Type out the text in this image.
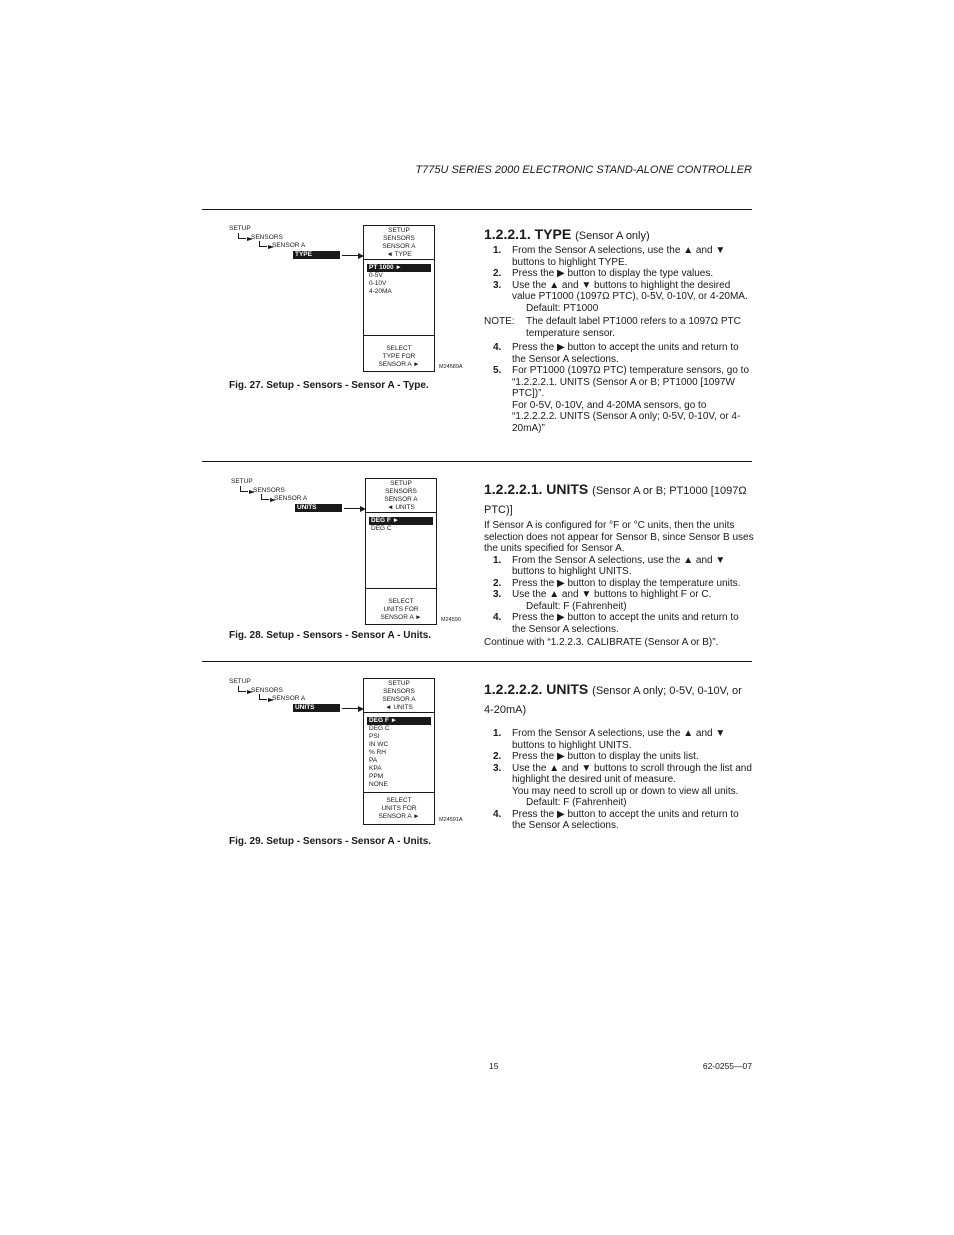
T775U SERIES 2000 ELECTRONIC STAND-ALONE CONTROLLER
SETUP
SENSORS
SENSOR A
TYPE
SETUP
SENSORS
SENSOR A
◄ TYPE
PT 1000 ►
0-5V
0-10V
4-20MA
SELECT
TYPE FOR
SENSOR A ►	M24589A
Fig. 27. Setup - Sensors - Sensor A - Type.
1.2.2.1. TYPE (Sensor A only)
1. From the Sensor A selections, use the ▲ and ▼ buttons to highlight TYPE.
2. Press the ▶ button to display the type values.
3. Use the ▲ and ▼ buttons to highlight the desired value PT1000 (1097Ω PTC), 0-5V, 0-10V, or 4-20MA.
Default: PT1000
NOTE: The default label PT1000 refers to a 1097Ω PTC temperature sensor.
4. Press the ▶ button to accept the units and return to the Sensor A selections.
5. For PT1000 (1097Ω PTC) temperature sensors, go to “1.2.2.2.1. UNITS (Sensor A or B; PT1000 [1097W PTC])”.
For 0-5V, 0-10V, and 4-20MA sensors, go to “1.2.2.2.2. UNITS (Sensor A only; 0-5V, 0-10V, or 4-20mA)”
SETUP
SENSORS
SENSOR A
UNITS
SETUP
SENSORS
SENSOR A
◄ UNITS
DEG F ►
DEG C
SELECT
UNITS FOR
SENSOR A ►	M24590
Fig. 28. Setup - Sensors - Sensor A - Units.
1.2.2.2.1. UNITS (Sensor A or B; PT1000 [1097Ω PTC)]

If Sensor A is configured for °F or °C units, then the units selection does not appear for Sensor B, since Sensor B uses the units specified for Sensor A.

1. From the Sensor A selections, use the ▲ and ▼ buttons to highlight UNITS.
2. Press the ▶ button to display the temperature units.
3. Use the ▲ and ▼ buttons to highlight F or C.
Default: F (Fahrenheit)
4. Press the ▶ button to accept the units and return to the Sensor A selections.

Continue with “1.2.2.3. CALIBRATE (Sensor A or B)”.

SETUP
SENSORS
SENSOR A
UNITS
SETUP
SENSORS
SENSOR A
◄ UNITS
DEG F ►
DEG C
PSI
IN WC
% RH
PA
KPA
PPM
NONE
SELECT
UNITS FOR
SENSOR A ►	M24591A
Fig. 29. Setup - Sensors - Sensor A - Units.
1.2.2.2.2. UNITS (Sensor A only; 0-5V, 0-10V, or 4-20mA)
1. From the Sensor A selections, use the ▲ and ▼ buttons to highlight UNITS.
2. Press the ▶ button to display the units list.
3. Use the ▲ and ▼ buttons to scroll through the list and highlight the desired unit of measure.
You may need to scroll up or down to view all units.
Default: F (Fahrenheit)
4. Press the ▶ button to accept the units and return to the Sensor A selections.
15	62-0255—07
